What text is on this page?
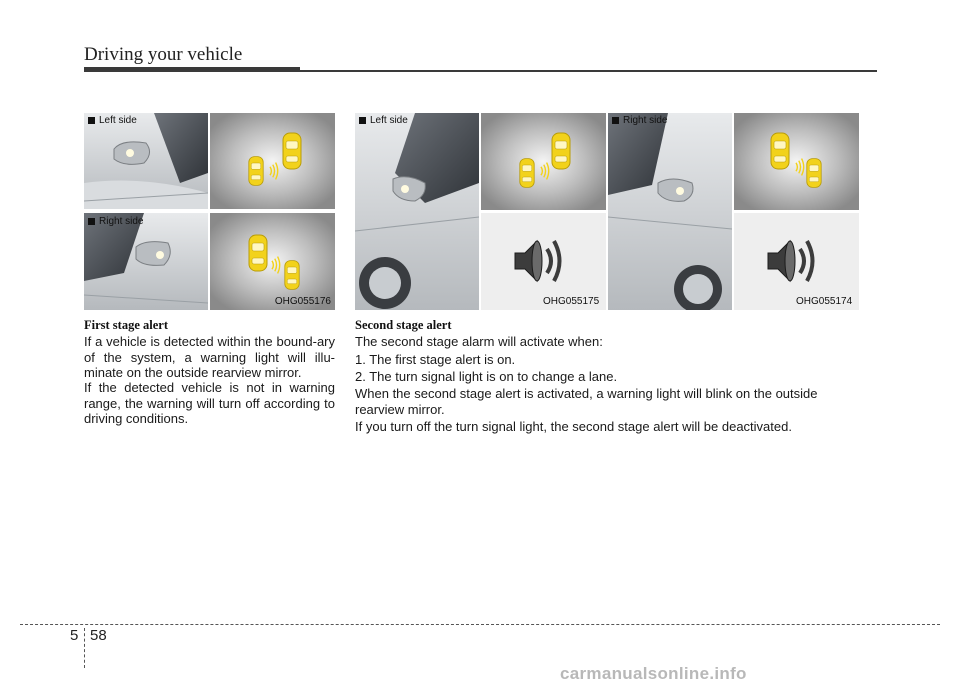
Driving your vehicle
Left side
Right side
OHG055176
Left side
OHG055175
Right side
OHG055174
First stage alert

If a vehicle is detected within the bound-ary of the system, a warning light will illu-minate on the outside rearview mirror.

If the detected vehicle is not in warning range, the warning will turn off according to driving conditions.

Second stage alert

The second stage alarm will activate when:

1. The first stage alert is on.

2. The turn signal light is on to change a lane.

When the second stage alert is activated, a warning light will blink on the outside rearview mirror.

If you turn off the turn signal light, the second stage alert will be deactivated.

5 58
carmanualsonline.info
